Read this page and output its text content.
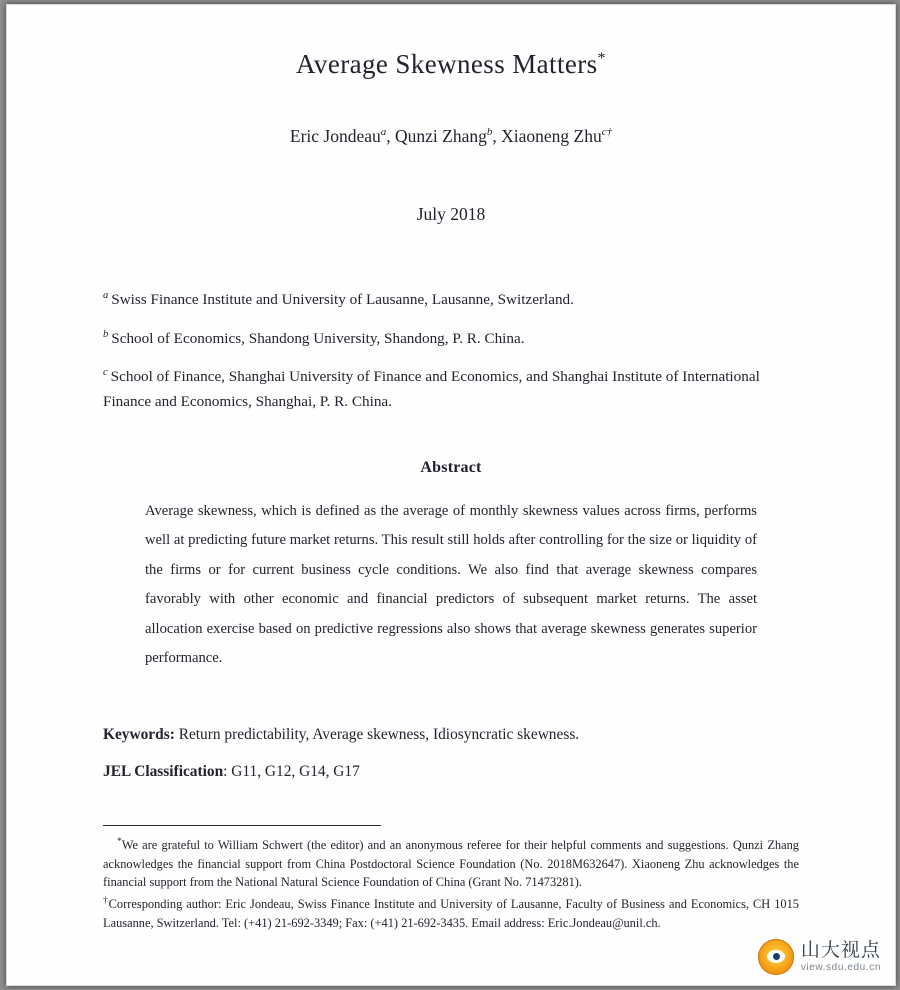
Average Skewness Matters*
Eric Jondeau$^a$, Qunzi Zhang$^b$, Xiaoneng Zhu$^{c\dagger}$
July 2018
$^a$ Swiss Finance Institute and University of Lausanne, Lausanne, Switzerland.
$^b$ School of Economics, Shandong University, Shandong, P. R. China.
$^c$ School of Finance, Shanghai University of Finance and Economics, and Shanghai Institute of International Finance and Economics, Shanghai, P. R. China.
Abstract
Average skewness, which is defined as the average of monthly skewness values across firms, performs well at predicting future market returns. This result still holds after controlling for the size or liquidity of the firms or for current business cycle conditions. We also find that average skewness compares favorably with other economic and financial predictors of subsequent market returns. The asset allocation exercise based on predictive regressions also shows that average skewness generates superior performance.
Keywords: Return predictability, Average skewness, Idiosyncratic skewness.
JEL Classification: G11, G12, G14, G17

*We are grateful to William Schwert (the editor) and an anonymous referee for their helpful comments and suggestions. Qunzi Zhang acknowledges the financial support from China Postdoctoral Science Foundation (No. 2018M632647). Xiaoneng Zhu acknowledges the financial support from the National Natural Science Foundation of China (Grant No. 71473281).

†Corresponding author: Eric Jondeau, Swiss Finance Institute and University of Lausanne, Faculty of Business and Economics, CH 1015 Lausanne, Switzerland. Tel: (+41) 21-692-3349; Fax: (+41) 21-692-3435. Email address: Eric.Jondeau@unil.ch.

山大视点
view.sdu.edu.cn
